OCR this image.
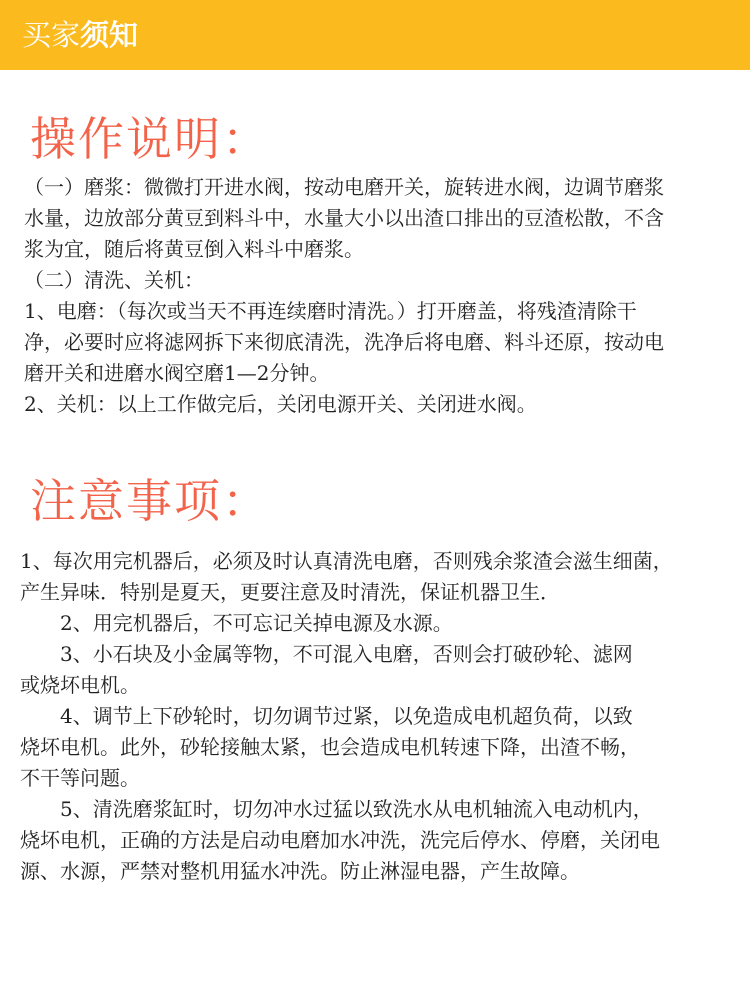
买家须知
操作说明：

（一）磨浆：微微打开进水阀，按动电磨开关，旋转进水阀，边调节磨浆

水量，边放部分黄豆到料斗中，水量大小以出渣口排出的豆渣松散，不含

浆为宜，随后将黄豆倒入料斗中磨浆。

（二）清洗、关机：

1、电磨：（每次或当天不再连续磨时清洗。）打开磨盖，将残渣清除干

净，必要时应将滤网拆下来彻底清洗，洗净后将电磨、料斗还原，按动电

磨开关和进磨水阀空磨1—2分钟。

2、关机：以上工作做完后，关闭电源开关、关闭进水阀。

注意事项：

1、每次用完机器后，必须及时认真清洗电磨，否则残余浆渣会滋生细菌，

产生异味．特别是夏天，更要注意及时清洗，保证机器卫生．

　　2、用完机器后，不可忘记关掉电源及水源。

　　3、小石块及小金属等物，不可混入电磨，否则会打破砂轮、滤网

或烧坏电机。

　　4、调节上下砂轮时，切勿调节过紧，以免造成电机超负荷，以致

烧坏电机。此外，砂轮接触太紧，也会造成电机转速下降，出渣不畅，

不干等问题。

　　5、清洗磨浆缸时，切勿冲水过猛以致洗水从电机轴流入电动机内，

烧坏电机，正确的方法是启动电磨加水冲洗，洗完后停水、停磨，关闭电

源、水源，严禁对整机用猛水冲洗。防止淋湿电器，产生故障。
